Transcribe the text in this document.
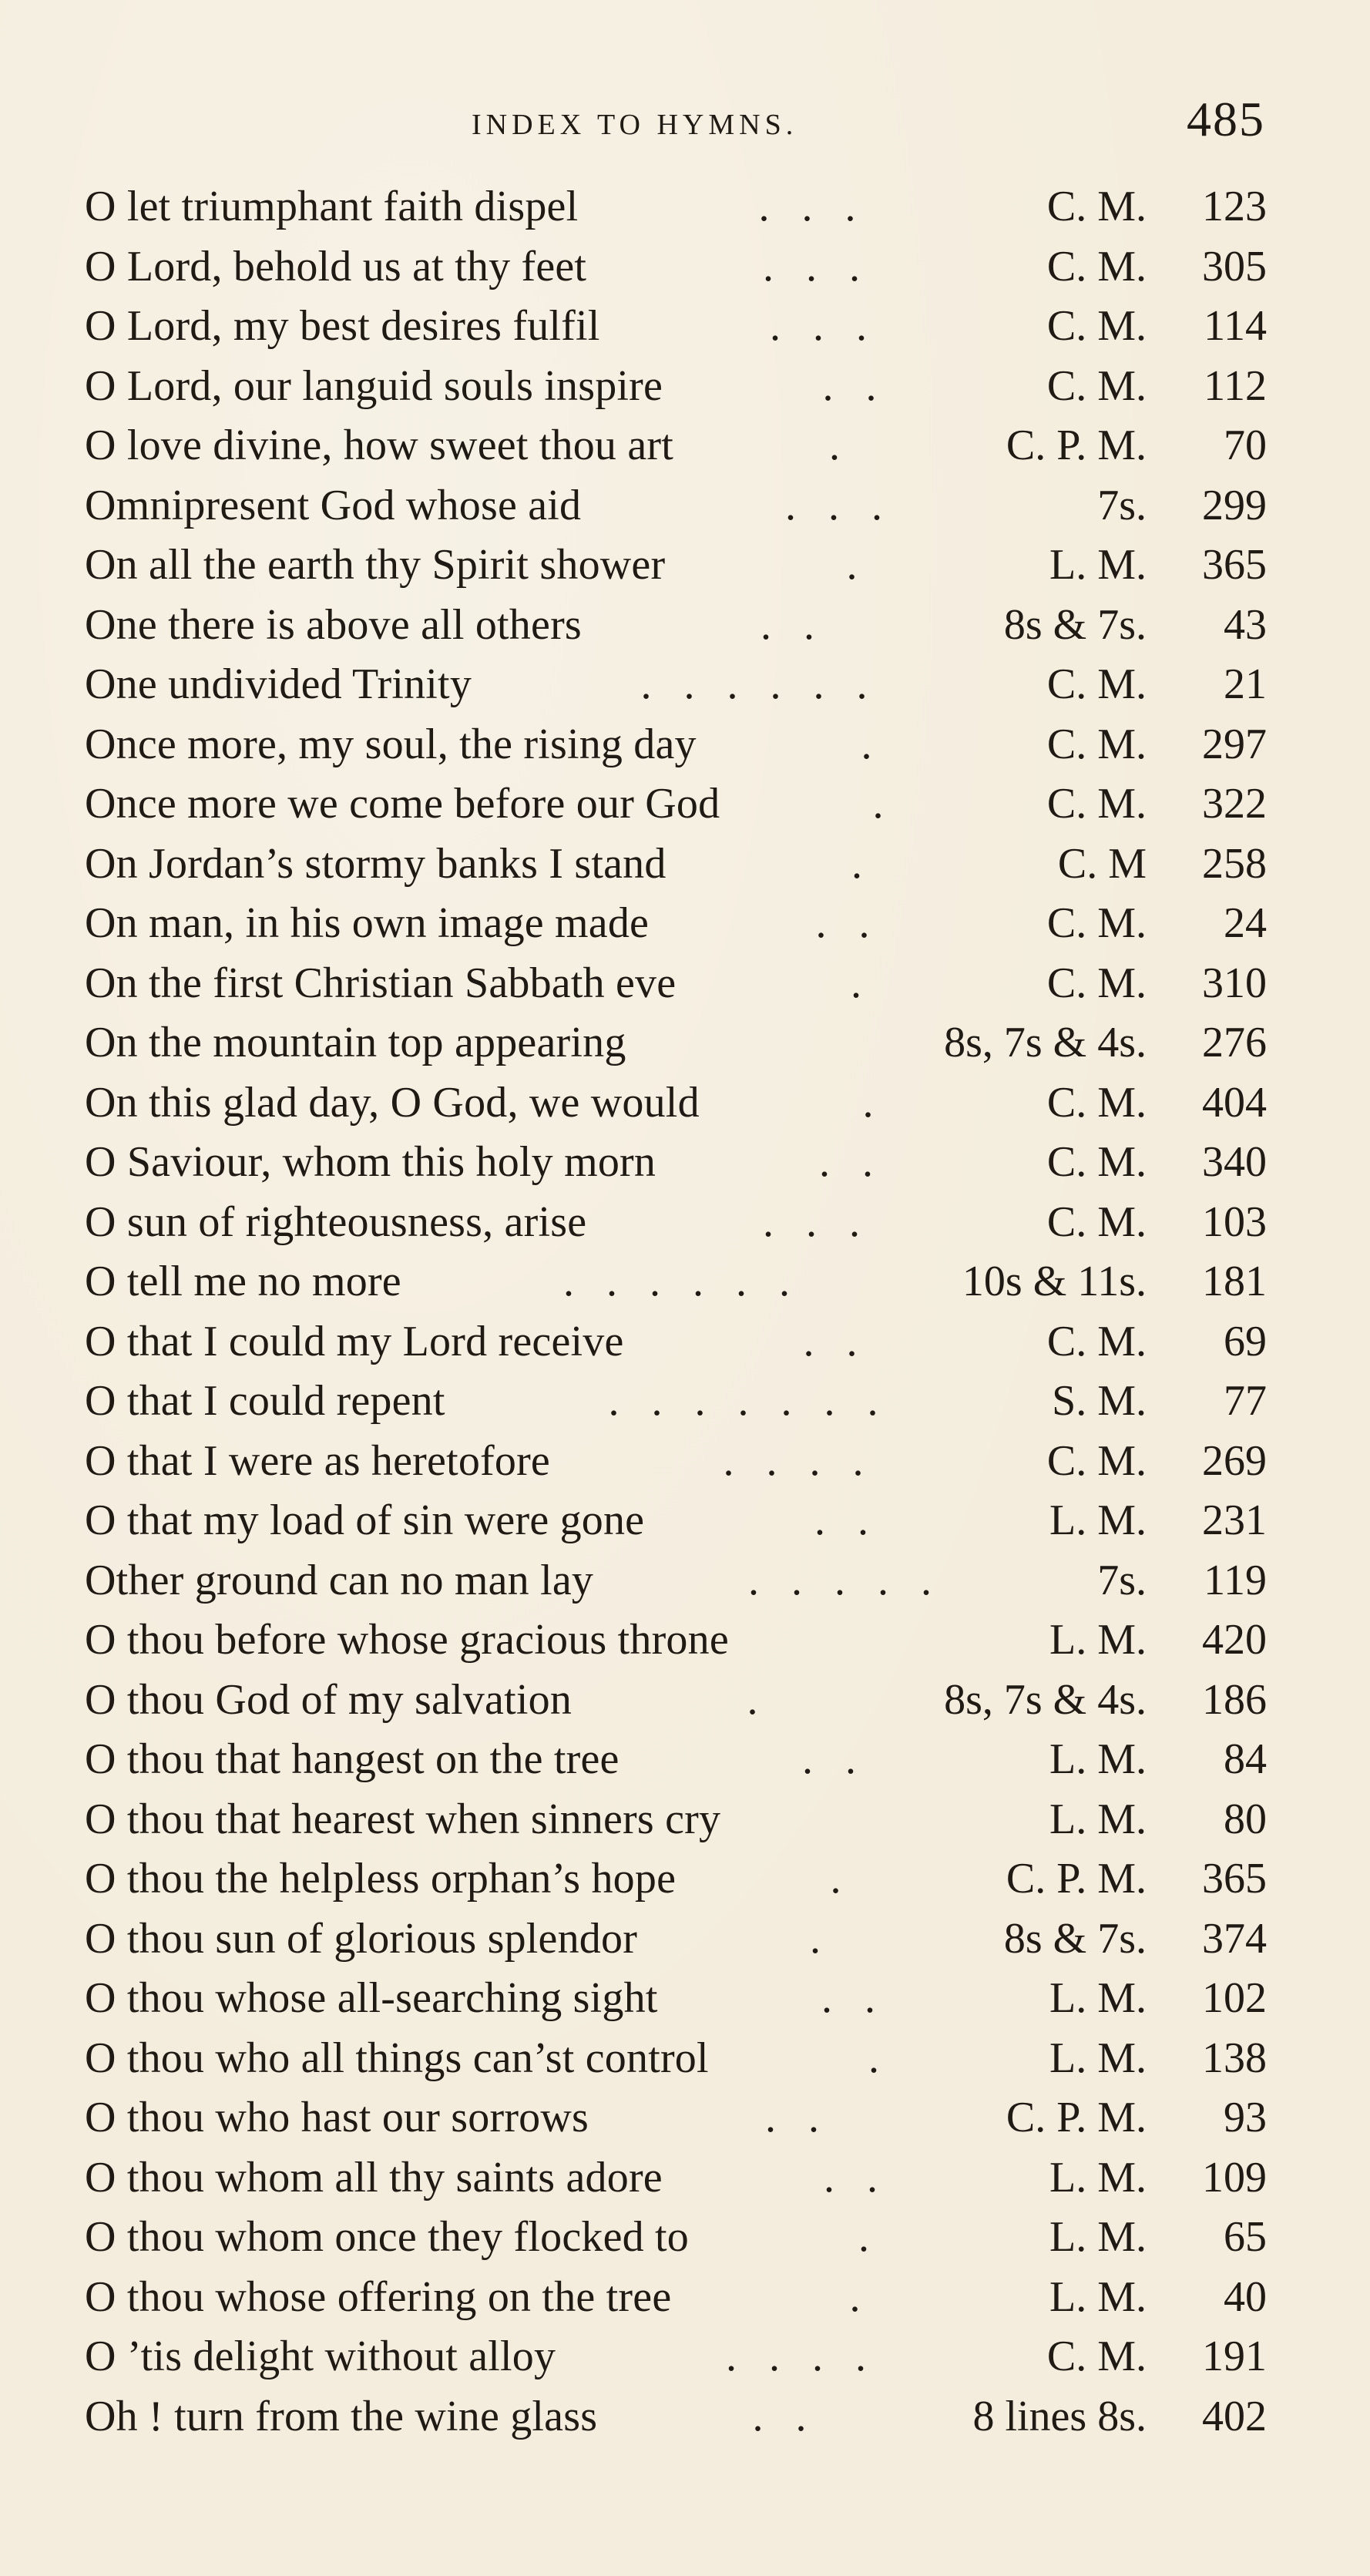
INDEX TO HYMNS.	485
O let triumphant faith dispel	. . .	C. M. 123
O Lord, behold us at thy feet	. . .	C. M. 305
O Lord, my best desires fulfil	. . .	C. M. 114
O Lord, our languid souls inspire	. .	C. M. 112
O love divine, how sweet thou art	.	C. P. M. 70
Omnipresent God whose aid	. . .	7s. 299
On all the earth thy Spirit shower	.	L. M. 365
One there is above all others	. .	8s & 7s. 43
One undivided Trinity	. . . . . .	C. M. 21
Once more, my soul, the rising day	.	C. M. 297
Once more we come before our God	.	C. M. 322
On Jordan’s stormy banks I stand	.	C. M 258
On man, in his own image made	. .	C. M. 24
On the first Christian Sabbath eve	.	C. M. 310
On the mountain top appearing	8s, 7s & 4s. 276
On this glad day, O God, we would	.	C. M. 404
O Saviour, whom this holy morn	. .	C. M. 340
O sun of righteousness, arise	. . .	C. M. 103
O tell me no more	. . . . . .	10s & 11s. 181
O that I could my Lord receive	. .	C. M. 69
O that I could repent	. . . . . . .	S. M. 77
O that I were as heretofore	. . . .	C. M. 269
O that my load of sin were gone	. .	L. M. 231
Other ground can no man lay	. . . . .	7s. 119
O thou before whose gracious throne	L. M. 420
O thou God of my salvation	.	8s, 7s & 4s. 186
O thou that hangest on the tree	. .	L. M. 84
O thou that hearest when sinners cry	L. M. 80
O thou the helpless orphan’s hope	.	C. P. M. 365
O thou sun of glorious splendor	.	8s & 7s. 374
O thou whose all-searching sight	. .	L. M. 102
O thou who all things can’st control	.	L. M. 138
O thou who hast our sorrows	. .	C. P. M. 93
O thou whom all thy saints adore	. .	L. M. 109
O thou whom once they flocked to	.	L. M. 65
O thou whose offering on the tree	.	L. M. 40
O ’tis delight without alloy	. . . .	C. M. 191
Oh ! turn from the wine glass	. .	8 lines 8s. 402
